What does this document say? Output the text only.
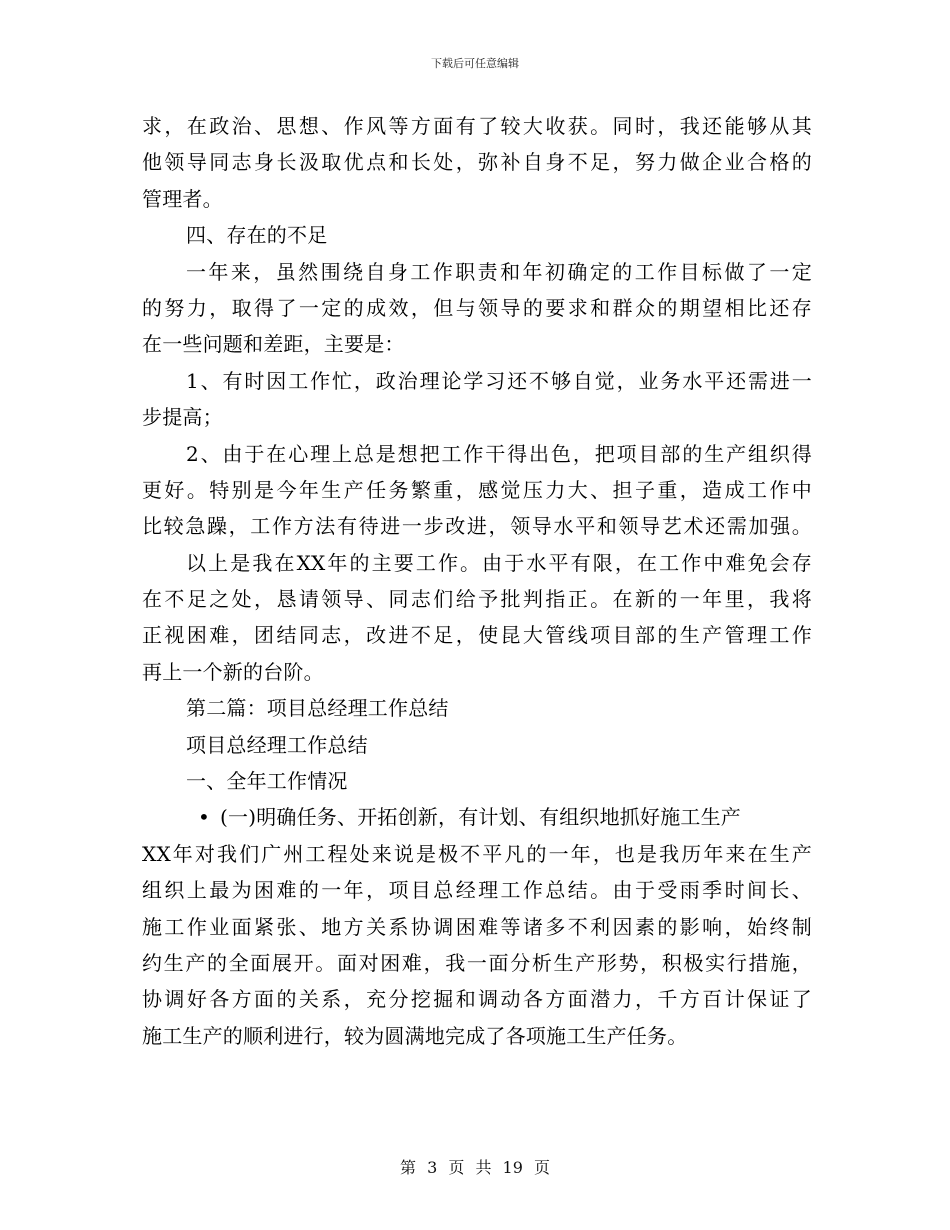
下载后可任意编辑
求，在政治、思想、作风等方面有了较大收获。同时，我还能够从其
他领导同志身长汲取优点和长处，弥补自身不足，努力做企业合格的
管理者。
四、存在的不足
一年来，虽然围绕自身工作职责和年初确定的工作目标做了一定
的努力，取得了一定的成效，但与领导的要求和群众的期望相比还存
在一些问题和差距，主要是：
1、有时因工作忙，政治理论学习还不够自觉，业务水平还需进一
步提高；
2、由于在心理上总是想把工作干得出色，把项目部的生产组织得
更好。特别是今年生产任务繁重，感觉压力大、担子重，造成工作中
比较急躁，工作方法有待进一步改进，领导水平和领导艺术还需加强。
以上是我在XX年的主要工作。由于水平有限，在工作中难免会存
在不足之处，恳请领导、同志们给予批判指正。在新的一年里，我将
正视困难，团结同志，改进不足，使昆大管线项目部的生产管理工作
再上一个新的台阶。
第二篇：项目总经理工作总结
项目总经理工作总结
一、全年工作情况
• (一)明确任务、开拓创新，有计划、有组织地抓好施工生产
XX年对我们广州工程处来说是极不平凡的一年，也是我历年来在生产
组织上最为困难的一年，项目总经理工作总结。由于受雨季时间长、
施工作业面紧张、地方关系协调困难等诸多不利因素的影响，始终制
约生产的全面展开。面对困难，我一面分析生产形势，积极实行措施，
协调好各方面的关系，充分挖掘和调动各方面潜力，千方百计保证了
施工生产的顺利进行，较为圆满地完成了各项施工生产任务。
第 3 页 共 19 页
